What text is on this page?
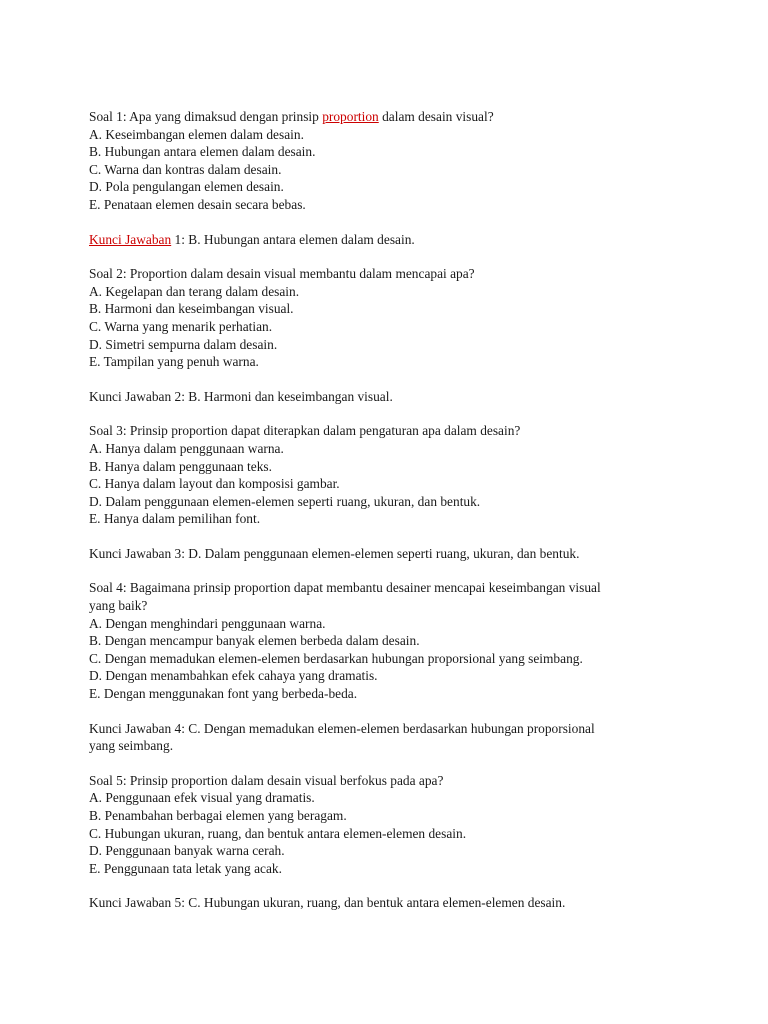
Soal 1: Apa yang dimaksud dengan prinsip proportion dalam desain visual?

A. Keseimbangan elemen dalam desain.

B. Hubungan antara elemen dalam desain.

C. Warna dan kontras dalam desain.

D. Pola pengulangan elemen desain.

E. Penataan elemen desain secara bebas.

Kunci Jawaban 1: B. Hubungan antara elemen dalam desain.

Soal 2: Proportion dalam desain visual membantu dalam mencapai apa?

A. Kegelapan dan terang dalam desain.

B. Harmoni dan keseimbangan visual.

C. Warna yang menarik perhatian.

D. Simetri sempurna dalam desain.

E. Tampilan yang penuh warna.

Kunci Jawaban 2: B. Harmoni dan keseimbangan visual.

Soal 3: Prinsip proportion dapat diterapkan dalam pengaturan apa dalam desain?

A. Hanya dalam penggunaan warna.

B. Hanya dalam penggunaan teks.

C. Hanya dalam layout dan komposisi gambar.

D. Dalam penggunaan elemen-elemen seperti ruang, ukuran, dan bentuk.

E. Hanya dalam pemilihan font.

Kunci Jawaban 3: D. Dalam penggunaan elemen-elemen seperti ruang, ukuran, dan bentuk.

Soal 4: Bagaimana prinsip proportion dapat membantu desainer mencapai keseimbangan visual

yang baik?

A. Dengan menghindari penggunaan warna.

B. Dengan mencampur banyak elemen berbeda dalam desain.

C. Dengan memadukan elemen-elemen berdasarkan hubungan proporsional yang seimbang.

D. Dengan menambahkan efek cahaya yang dramatis.

E. Dengan menggunakan font yang berbeda-beda.

Kunci Jawaban 4: C. Dengan memadukan elemen-elemen berdasarkan hubungan proporsional

yang seimbang.

Soal 5: Prinsip proportion dalam desain visual berfokus pada apa?

A. Penggunaan efek visual yang dramatis.

B. Penambahan berbagai elemen yang beragam.

C. Hubungan ukuran, ruang, dan bentuk antara elemen-elemen desain.

D. Penggunaan banyak warna cerah.

E. Penggunaan tata letak yang acak.

Kunci Jawaban 5: C. Hubungan ukuran, ruang, dan bentuk antara elemen-elemen desain.
